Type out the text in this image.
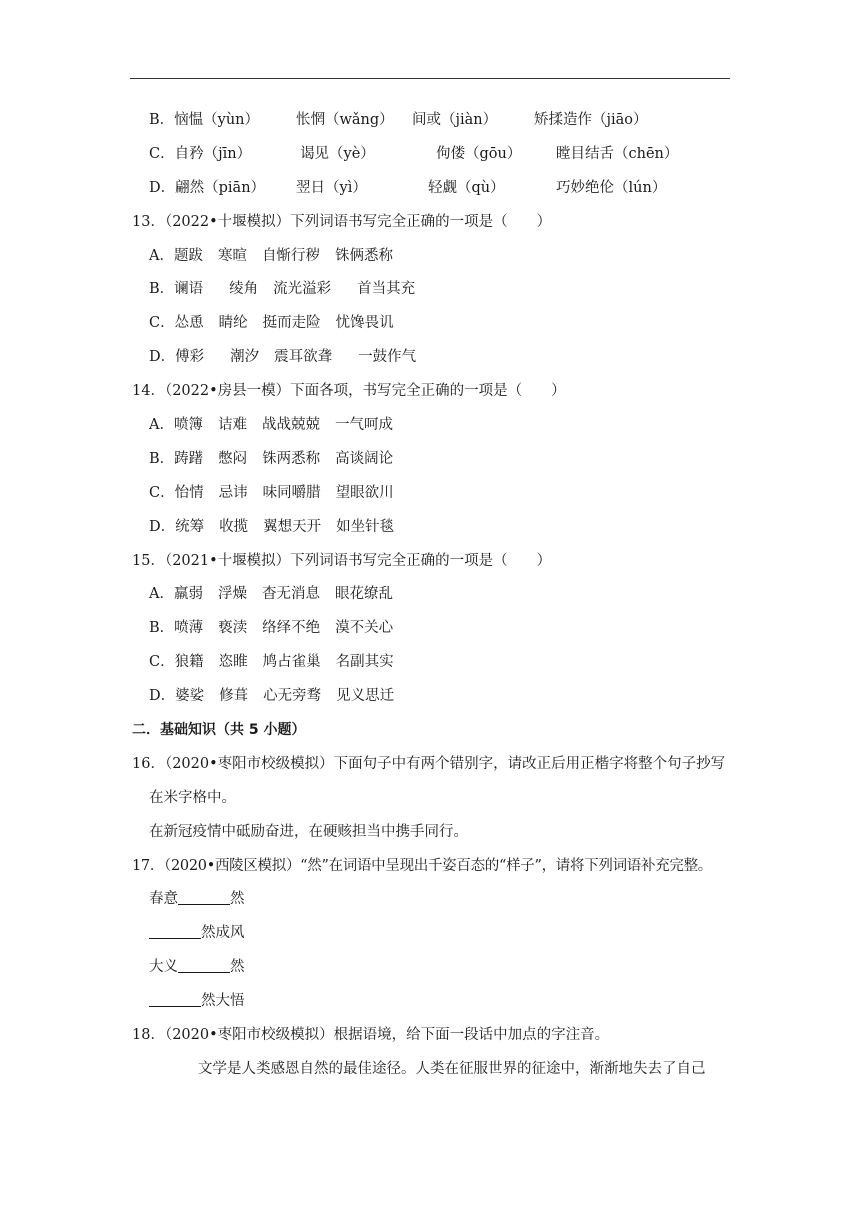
B． 恼愠（yùn）	怅惘（wǎng） 间或（jiàn）	矫揉造作（jiāo）
C． 自矜（jīn）	谒见（yè）	佝偻（gōu） 瞠目结舌（chēn）
D． 翩然（piān） 翌日（yì）	轻觑（qù）	巧妙绝伦（lún）
13．（2022•十堰模拟）下列词语书写完全正确的一项是（　　）
A．题跋 寒暄 自惭行秽 铢俩悉称
B．谰语 绫角 流光溢彩 首当其充
C．怂恿 睛纶 挺而走险 忧馋畏讥
D．傅彩 潮汐 震耳欲聋 一鼓作气
14．（2022•房县一模）下面各项，书写完全正确的一项是（　　）
A．喷簿 诘难 战战兢兢 一气呵成
B．踌躇 憋闷 铢两悉称 高谈阔论
C．怡情 忌讳 味同嚼腊 望眼欲川
D．统筹 收揽 翼想天开 如坐针毯
15．（2021•十堰模拟）下列词语书写完全正确的一项是（　　）
A．羸弱 浮燥 杳无消息 眼花缭乱
B．喷薄 亵渎 络绎不绝 漠不关心
C．狼籍 恣睢 鸠占雀巢 名副其实
D．婆娑 修葺 心无旁骛 见义思迁
二．基础知识（共 5 小题）
16．（2020•枣阳市校级模拟）下面句子中有两个错别字，请改正后用正楷字将整个句子抄写
在米字格中。
在新冠疫情中砥励奋进，在硬赅担当中携手同行。
17．（2020•西陵区模拟）“然”在词语中呈现出千姿百态的“样子”，请将下列词语补充完整。
春意	然
然成风
大义	然
然大悟
18．（2020•枣阳市校级模拟）根据语境，给下面一段话中加点的字注音。
文学是人类感恩自然的最佳途径。人类在征服世界的征途中，渐渐地失去了自己
